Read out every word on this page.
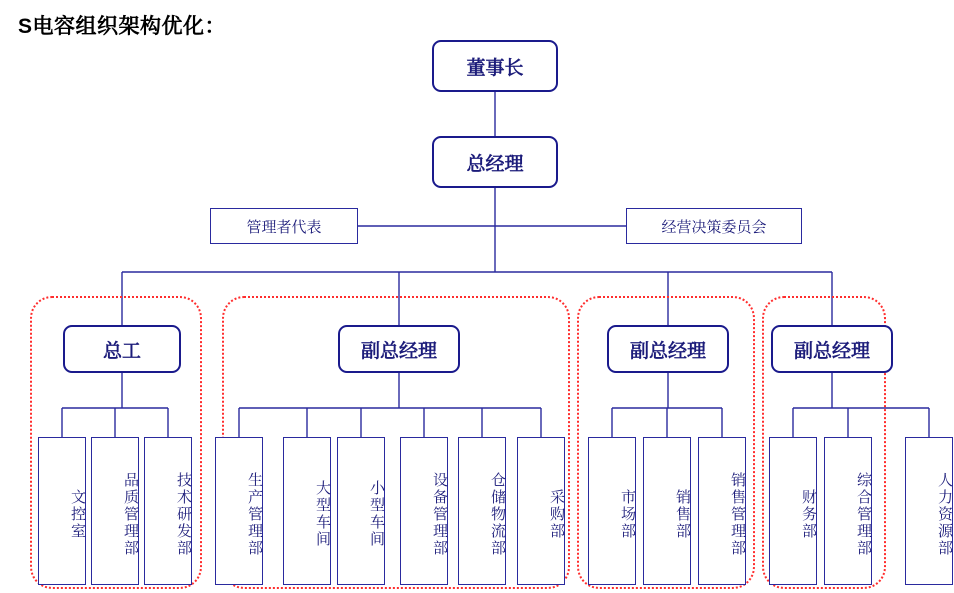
S电容组织架构优化：
董事长
总经理
管理者代表	经营决策委员会
总工	副总经理	副总经理	副总经理
文控室	品质管理部	技术研发部	生产管理部	大型车间	小型车间	设备管理部	仓储物流部	采购部	市场部	销售部	销售管理部	财务部	综合管理部	人力资源部
